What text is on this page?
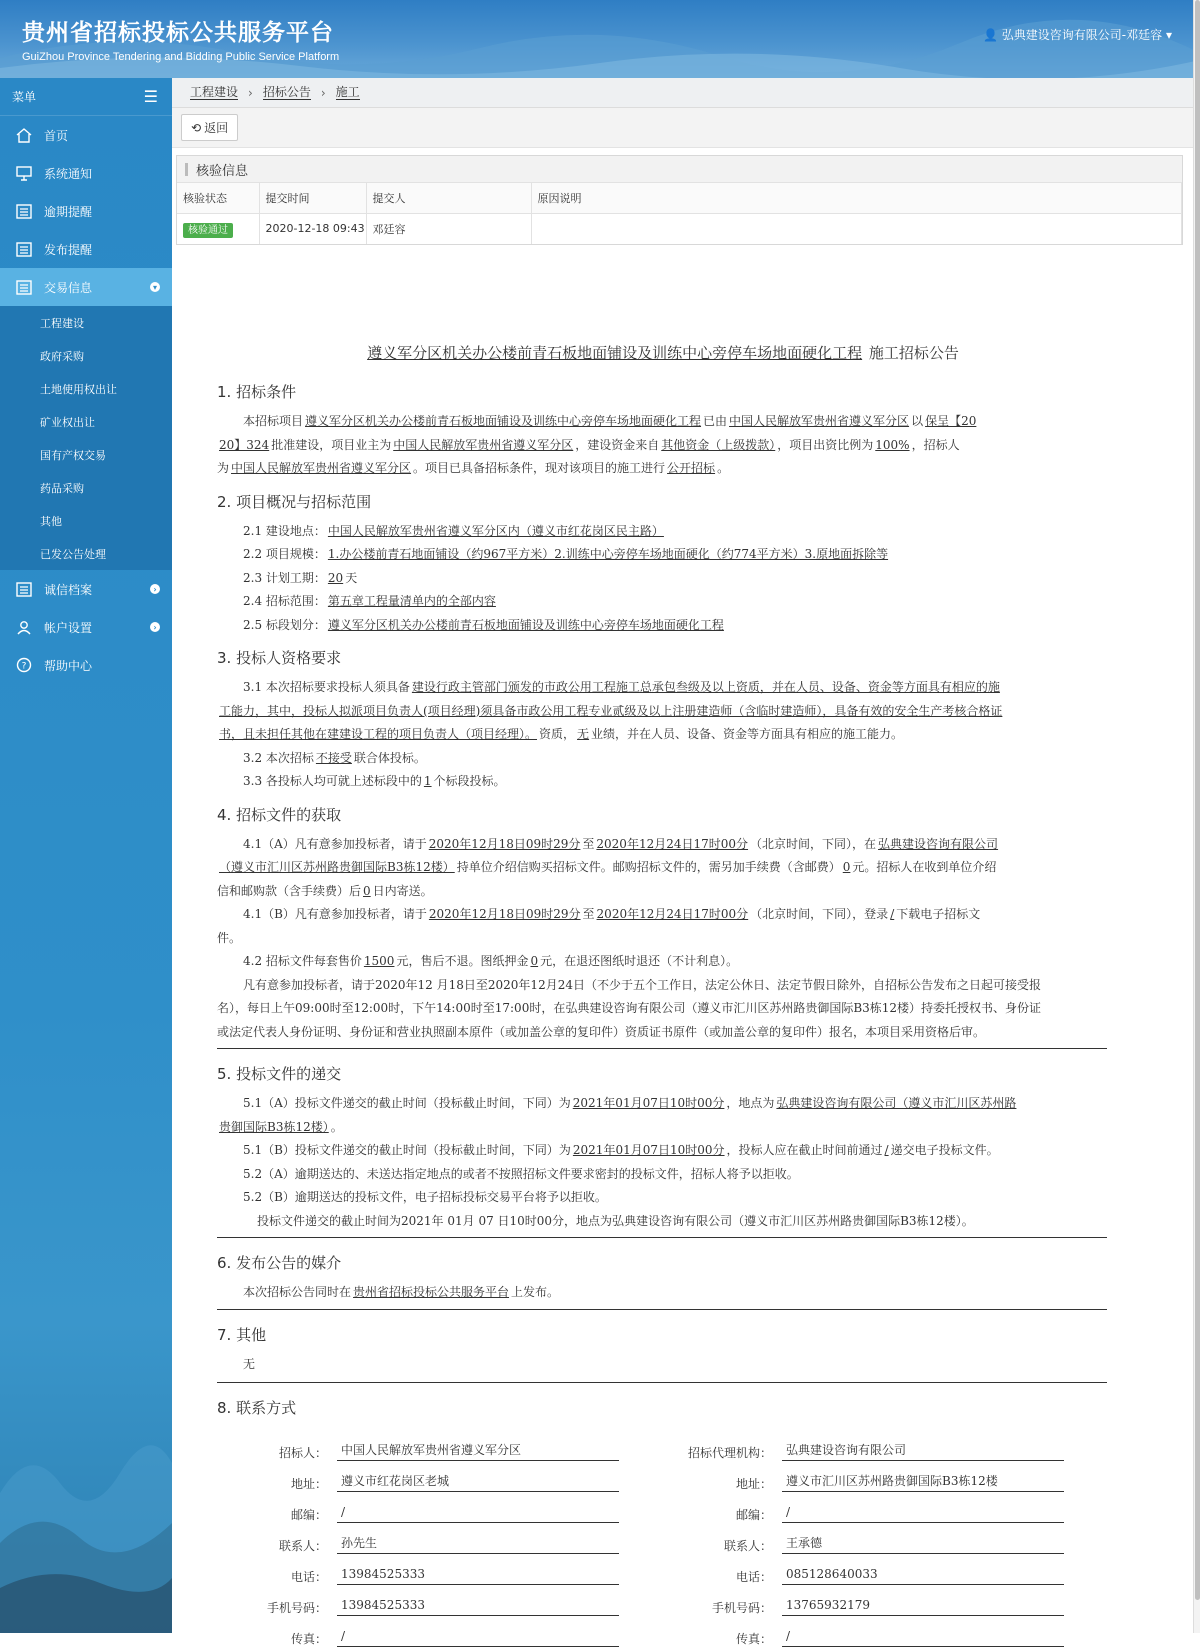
贵州省招标投标公共服务平台
GuiZhou Province Tendering and Bidding Public Service Platform
👤 弘典建设咨询有限公司-邓廷容 ▾
菜单	☰
首页
系统通知
逾期提醒
发布提醒
交易信息	▾
工程建设
政府采购
土地使用权出让
矿业权出让
国有产权交易
药品采购
其他
已发公告处理
诚信档案	›
帐户设置	›
? 帮助中心
工程建设 › 招标公告 › 施工
⟲ 返回
核验信息
核验状态	提交时间	提交人	原因说明
核验通过	2020-12-18 09:43	邓廷容	
遵义军分区机关办公楼前青石板地面铺设及训练中心旁停车场地面硬化工程 施工招标公告
1. 招标条件

本招标项目 遵义军分区机关办公楼前青石板地面铺设及训练中心旁停车场地面硬化工程 已由 中国人民解放军贵州省遵义军分区 以 保呈【20

20】324 批准建设，项目业主为 中国人民解放军贵州省遵义军分区 ，建设资金来自 其他资金（上级拨款） ，项目出资比例为 100% ，招标人

为 中国人民解放军贵州省遵义军分区 。项目已具备招标条件，现对该项目的施工进行 公开招标 。

2. 项目概况与招标范围

2.1 建设地点： 中国人民解放军贵州省遵义军分区内（遵义市红花岗区民主路）

2.2 项目规模： 1.办公楼前青石地面铺设（约967平方米）2.训练中心旁停车场地面硬化（约774平方米）3.原地面拆除等

2.3 计划工期： 20 天

2.4 招标范围： 第五章工程量清单内的全部内容

2.5 标段划分： 遵义军分区机关办公楼前青石板地面铺设及训练中心旁停车场地面硬化工程

3. 投标人资格要求

3.1 本次招标要求投标人须具备 建设行政主管部门颁发的市政公用工程施工总承包叁级及以上资质，并在人员、设备、资金等方面具有相应的施

工能力，其中，投标人拟派项目负责人(项目经理)须具备市政公用工程专业贰级及以上注册建造师（含临时建造师），具备有效的安全生产考核合格证

书，且未担任其他在建建设工程的项目负责人（项目经理）。 资质， 无 业绩，并在人员、设备、资金等方面具有相应的施工能力。

3.2 本次招标 不接受 联合体投标。

3.3 各投标人均可就上述标段中的 1 个标段投标。

4. 招标文件的获取

4.1（A）凡有意参加投标者，请于 2020年12月18日09时29分 至 2020年12月24日17时00分 （北京时间，下同），在 弘典建设咨询有限公司

（遵义市汇川区苏州路贵御国际B3栋12楼） 持单位介绍信购买招标文件。邮购招标文件的，需另加手续费（含邮费） 0 元。招标人在收到单位介绍

信和邮购款（含手续费）后 0 日内寄送。

4.1（B）凡有意参加投标者，请于 2020年12月18日09时29分 至 2020年12月24日17时00分 （北京时间，下同），登录 / 下载电子招标文

件。

4.2 招标文件每套售价 1500 元，售后不退。图纸押金 0 元，在退还图纸时退还（不计利息）。

凡有意参加投标者，请于2020年12 月18日至2020年12月24日（不少于五个工作日，法定公休日、法定节假日除外，自招标公告发布之日起可接受报

名），每日上午09:00时至12:00时，下午14:00时至17:00时，在弘典建设咨询有限公司（遵义市汇川区苏州路贵御国际B3栋12楼）持委托授权书、身份证

或法定代表人身份证明、身份证和营业执照副本原件（或加盖公章的复印件）资质证书原件（或加盖公章的复印件）报名，本项目采用资格后审。

5. 投标文件的递交

5.1（A）投标文件递交的截止时间（投标截止时间，下同）为 2021年01月07日10时00分 ，地点为 弘典建设咨询有限公司（遵义市汇川区苏州路

贵御国际B3栋12楼） 。

5.1（B）投标文件递交的截止时间（投标截止时间，下同）为 2021年01月07日10时00分 ，投标人应在截止时间前通过 / 递交电子投标文件。

5.2（A）逾期送达的、未送达指定地点的或者不按照招标文件要求密封的投标文件，招标人将予以拒收。

5.2（B）逾期送达的投标文件，电子招标投标交易平台将予以拒收。

投标文件递交的截止时间为2021年 01月 07 日10时00分，地点为弘典建设咨询有限公司（遵义市汇川区苏州路贵御国际B3栋12楼）。

6. 发布公告的媒介

本次招标公告同时在 贵州省招标投标公共服务平台 上发布。

7. 其他

无

8. 联系方式
招标人：	中国人民解放军贵州省遵义军分区
地址：	遵义市红花岗区老城
邮编：	/
联系人：	孙先生
电话：	13984525333
手机号码：	13984525333
传真：	/
招标代理机构：	弘典建设咨询有限公司
地址：	遵义市汇川区苏州路贵御国际B3栋12楼
邮编：	/
联系人：	王承德
电话：	085128640033
手机号码：	13765932179
传真：	/
